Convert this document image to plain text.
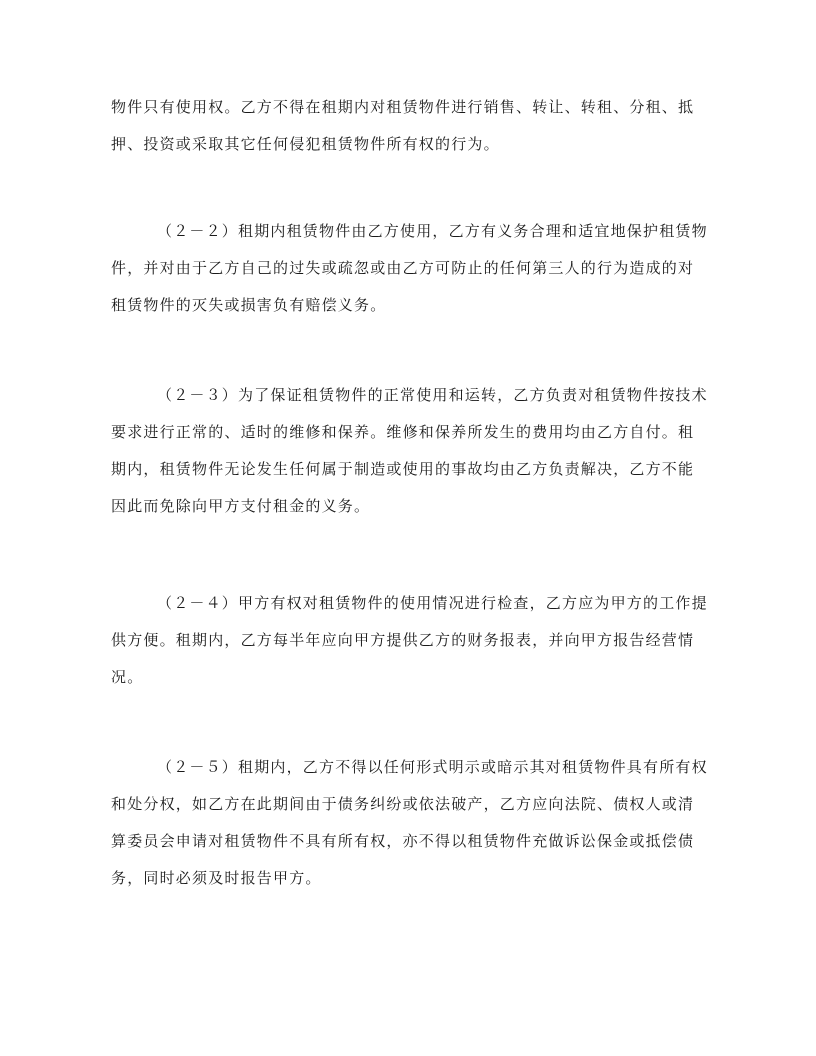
物件只有使用权。乙方不得在租期内对租赁物件进行销售、转让、转租、分租、抵
押、投资或采取其它任何侵犯租赁物件所有权的行为。
（２－２）租期内租赁物件由乙方使用，乙方有义务合理和适宜地保护租赁物
件，并对由于乙方自己的过失或疏忽或由乙方可防止的任何第三人的行为造成的对
租赁物件的灭失或损害负有赔偿义务。
（２－３）为了保证租赁物件的正常使用和运转，乙方负责对租赁物件按技术
要求进行正常的、适时的维修和保养。维修和保养所发生的费用均由乙方自付。租
期内，租赁物件无论发生任何属于制造或使用的事故均由乙方负责解决，乙方不能
因此而免除向甲方支付租金的义务。
（２－４）甲方有权对租赁物件的使用情况进行检查，乙方应为甲方的工作提
供方便。租期内，乙方每半年应向甲方提供乙方的财务报表，并向甲方报告经营情
况。
（２－５）租期内，乙方不得以任何形式明示或暗示其对租赁物件具有所有权
和处分权，如乙方在此期间由于债务纠纷或依法破产，乙方应向法院、债权人或清
算委员会申请对租赁物件不具有所有权，亦不得以租赁物件充做诉讼保金或抵偿债
务，同时必须及时报告甲方。
